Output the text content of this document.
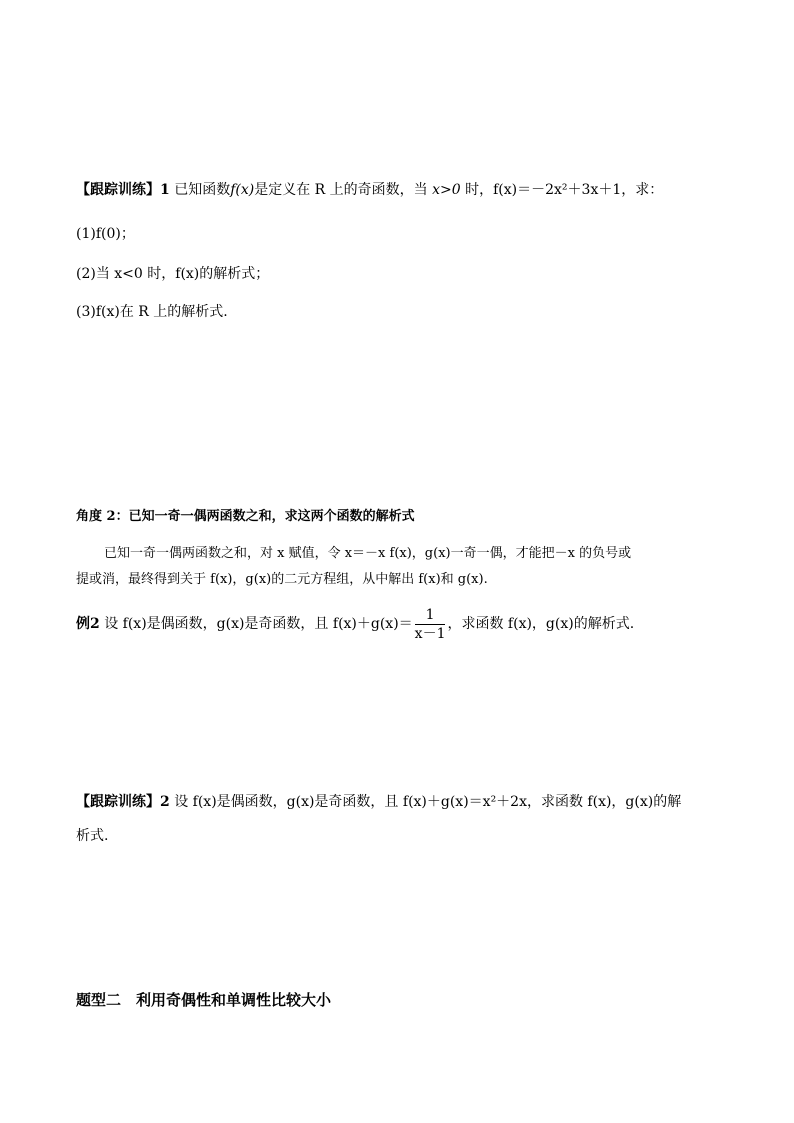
【跟踪训练】1 已知函数f(x)是定义在 R 上的奇函数，当 x>0 时，f(x)＝－2x²＋3x＋1，求：
(1)f(0)；
(2)当 x<0 时，f(x)的解析式；
(3)f(x)在 R 上的解析式.
角度 2：已知一奇一偶两函数之和，求这两个函数的解析式
已知一奇一偶两函数之和，对 x 赋值，令 x＝－x f(x)，g(x)一奇一偶，才能把－x 的负号或
提或消，最终得到关于 f(x)，g(x)的二元方程组，从中解出 f(x)和 g(x).
例2 设 f(x)是偶函数，g(x)是奇函数，且 $f(x)+g(x)= \frac{1}{x-1}$ ，求函数 f(x)，g(x)的解析式.
【跟踪训练】2 设 f(x)是偶函数，g(x)是奇函数，且 f(x)＋g(x)＝x²＋2x，求函数 f(x)，g(x)的解
析式.
题型二　利用奇偶性和单调性比较大小
